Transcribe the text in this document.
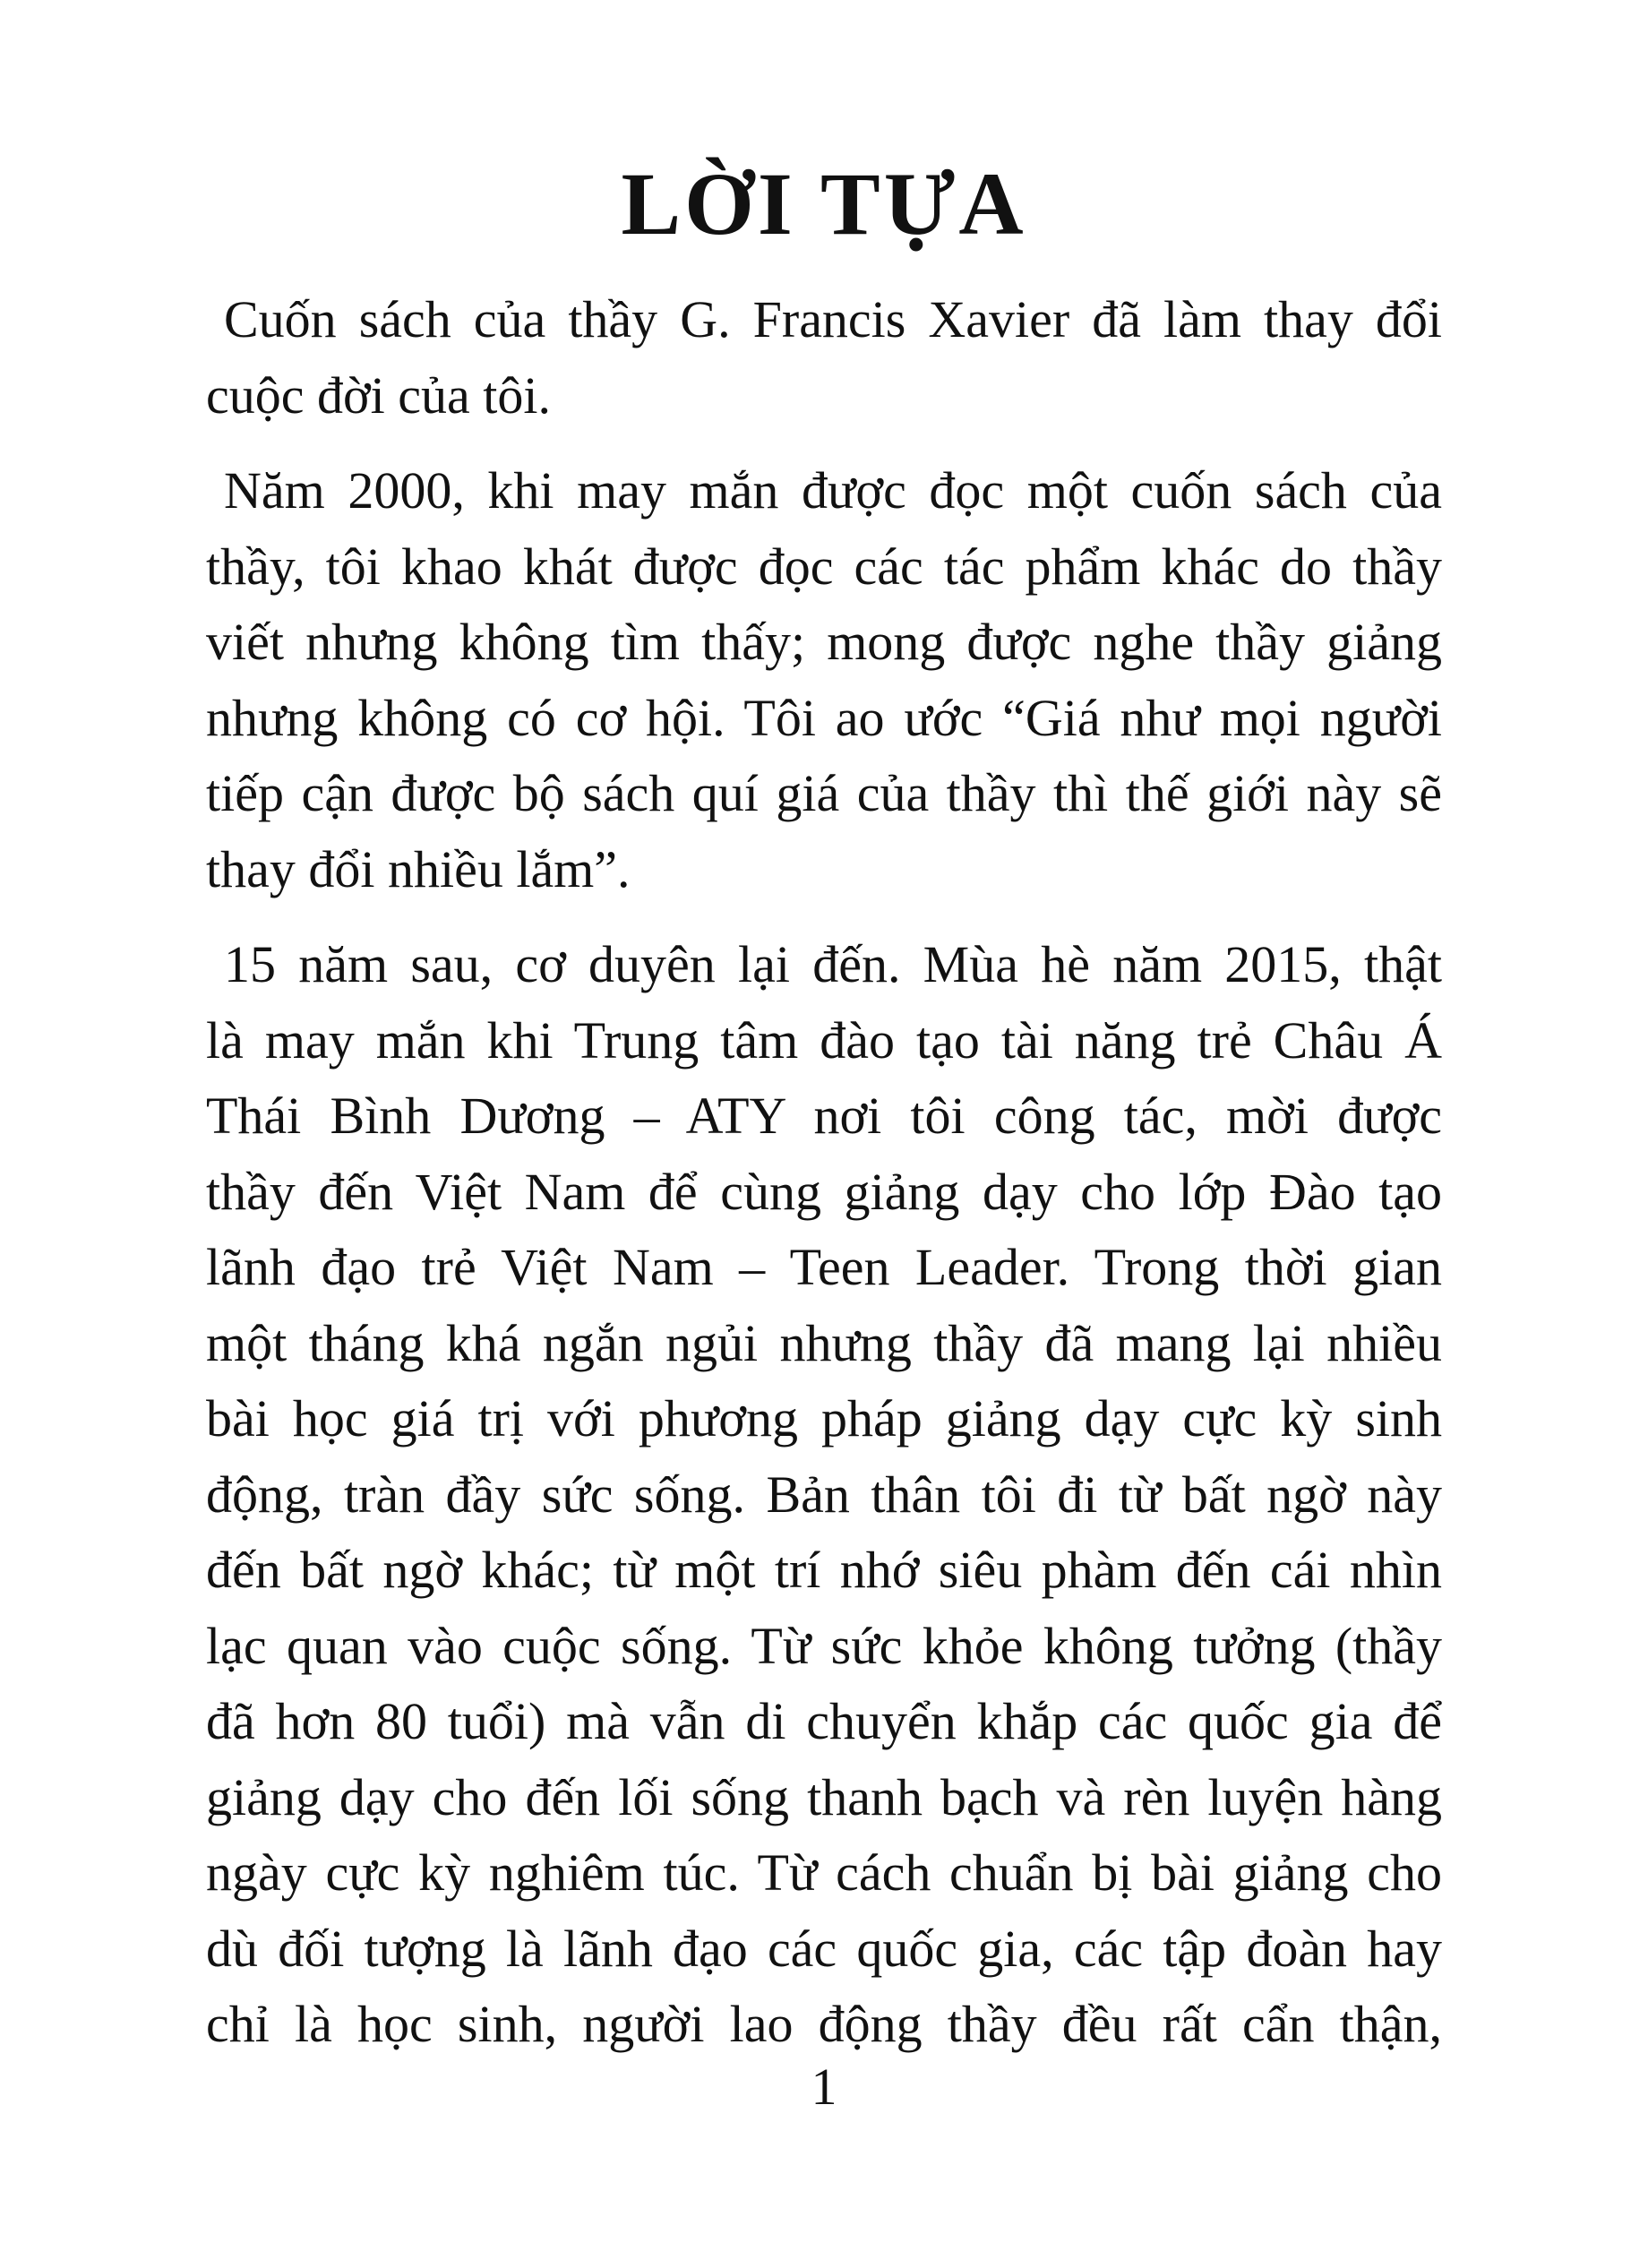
LỜI TỰA
Cuốn sách của thầy G. Francis Xavier đã làm thay đổi
cuộc đời của tôi.
Năm 2000, khi may mắn được đọc một cuốn sách của
thầy, tôi khao khát được đọc các tác phẩm khác do thầy
viết nhưng không tìm thấy; mong được nghe thầy giảng
nhưng không có cơ hội. Tôi ao ước “Giá như mọi người
tiếp cận được bộ sách quí giá của thầy thì thế giới này sẽ
thay đổi nhiều lắm”.
15 năm sau, cơ duyên lại đến. Mùa hè năm 2015, thật
là may mắn khi Trung tâm đào tạo tài năng trẻ Châu Á
Thái Bình Dương – ATY nơi tôi công tác, mời được
thầy đến Việt Nam để cùng giảng dạy cho lớp Đào tạo
lãnh đạo trẻ Việt Nam – Teen Leader. Trong thời gian
một tháng khá ngắn ngủi nhưng thầy đã mang lại nhiều
bài học giá trị với phương pháp giảng dạy cực kỳ sinh
động, tràn đầy sức sống. Bản thân tôi đi từ bất ngờ này
đến bất ngờ khác; từ một trí nhớ siêu phàm đến cái nhìn
lạc quan vào cuộc sống. Từ sức khỏe không tưởng (thầy
đã hơn 80 tuổi) mà vẫn di chuyển khắp các quốc gia để
giảng dạy cho đến lối sống thanh bạch và rèn luyện hàng
ngày cực kỳ nghiêm túc. Từ cách chuẩn bị bài giảng cho
dù đối tượng là lãnh đạo các quốc gia, các tập đoàn hay
chỉ là học sinh, người lao động thầy đều rất cẩn thận,
1
